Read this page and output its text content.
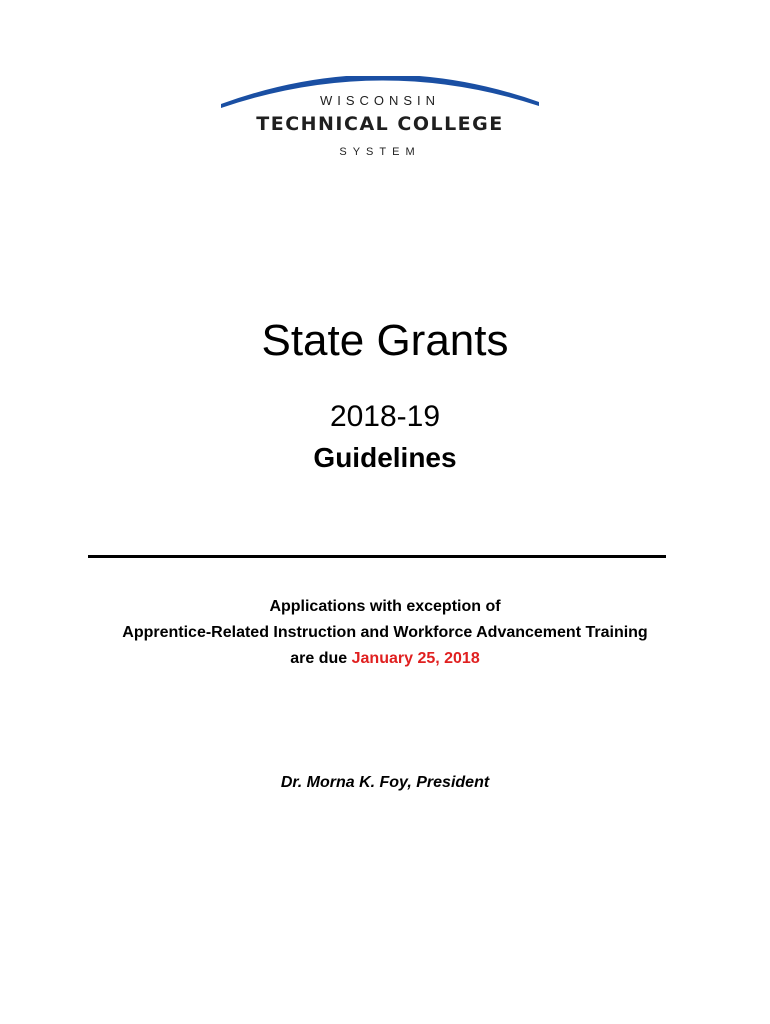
WISCONSIN
TECHNICAL COLLEGE
SYSTEM
State Grants
2018-19
Guidelines
Applications with exception of
Apprentice-Related Instruction and Workforce Advancement Training
are due January 25, 2018
Dr. Morna K. Foy, President
